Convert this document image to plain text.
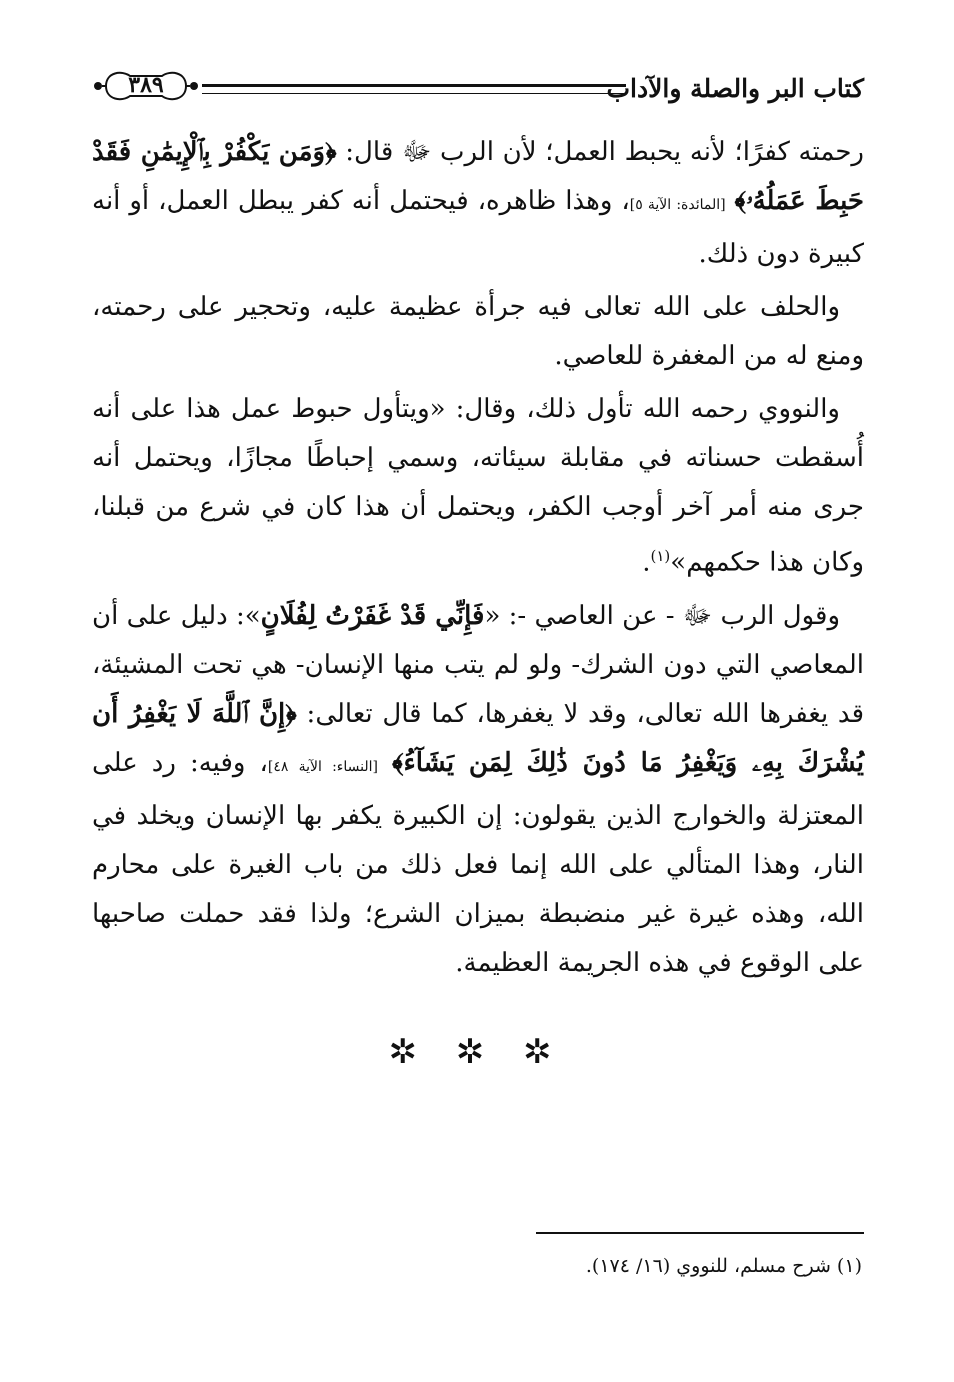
٣٨٩	كتاب البر والصلة والآداب

رحمته كفرًا؛ لأنه يحبط العمل؛ لأن الرب ﷻ قال: ﴿وَمَن يَكْفُرْ بِٱلْإِيمَٰنِ فَقَدْ حَبِطَ عَمَلُهُۥ﴾ [المائدة: الآية ٥]، وهذا ظاهره، فيحتمل أنه كفر يبطل العمل، أو أنه كبيرة دون ذلك.

والحلف على الله تعالى فيه جرأة عظيمة عليه، وتحجير على رحمته، ومنع له من المغفرة للعاصي.

والنووي رحمه الله تأول ذلك، وقال: «ويتأول حبوط عمل هذا على أنه أُسقطت حسناته في مقابلة سيئاته، وسمي إحباطًا مجازًا، ويحتمل أنه جرى منه أمر آخر أوجب الكفر، ويحتمل أن هذا كان في شرع من قبلنا، وكان هذا حكمهم»$^{(١)}$.

وقول الرب ﷻ - عن العاصي -: «فَإِنِّي قَدْ غَفَرْتُ لِفُلَانٍ»: دليل على أن المعاصي التي دون الشرك- ولو لم يتب منها الإنسان- هي تحت المشيئة، قد يغفرها الله تعالى، وقد لا يغفرها، كما قال تعالى: ﴿إِنَّ ٱللَّهَ لَا يَغْفِرُ أَن يُشْرَكَ بِهِۦ وَيَغْفِرُ مَا دُونَ ذَٰلِكَ لِمَن يَشَآءُ﴾ [النساء: الآية ٤٨]، وفيه: رد على المعتزلة والخوارج الذين يقولون: إن الكبيرة يكفر بها الإنسان ويخلد في النار، وهذا المتألي على الله إنما فعل ذلك من باب الغيرة على محارم الله، وهذه غيرة غير منضبطة بميزان الشرع؛ ولذا فقد حملت صاحبها على الوقوع في هذه الجريمة العظيمة.

✲ ✲ ✲
(١) شرح مسلم، للنووي (١٦/ ١٧٤).
